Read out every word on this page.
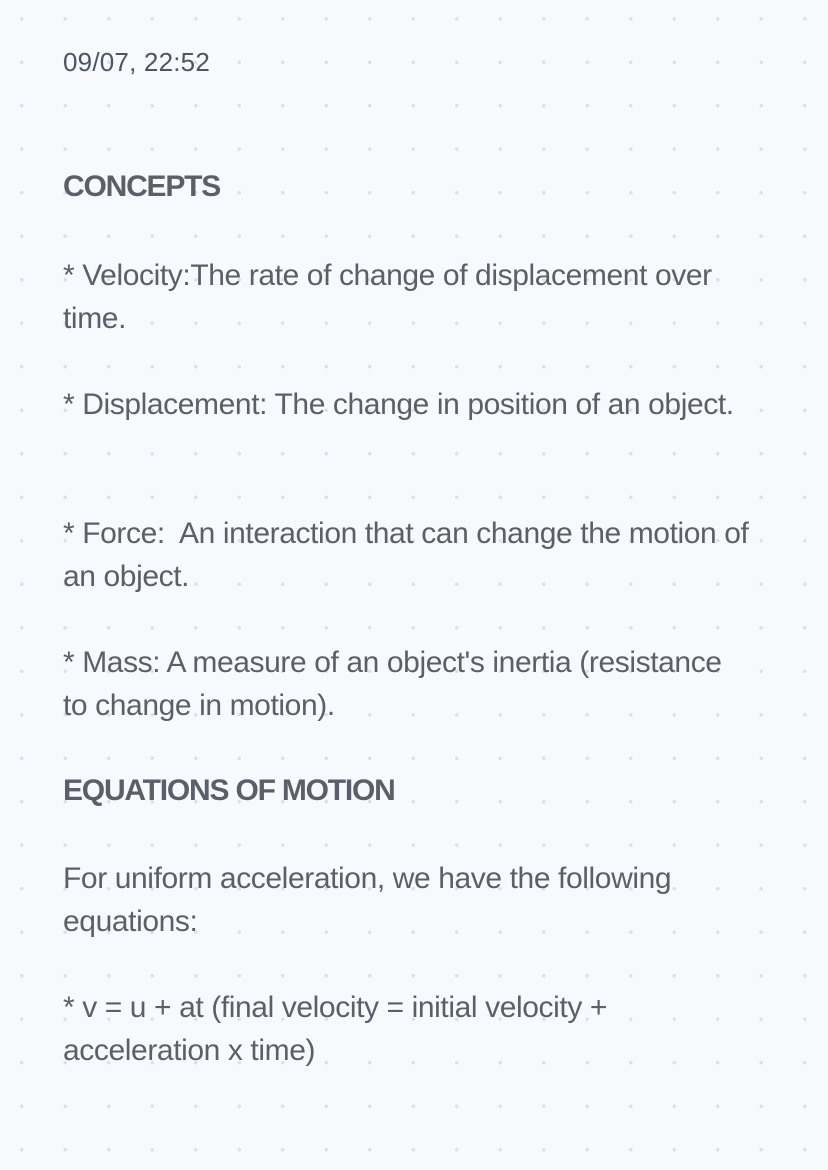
09/07, 22:52
CONCEPTS
* Velocity:The rate of change of displacement over time.
* Displacement: The change in position of an object.
* Force:  An interaction that can change the motion of an object.
* Mass: A measure of an object's inertia (resistance to change in motion).
EQUATIONS OF MOTION
For uniform acceleration, we have the following equations:
* v = u + at (final velocity = initial velocity + acceleration x time)
